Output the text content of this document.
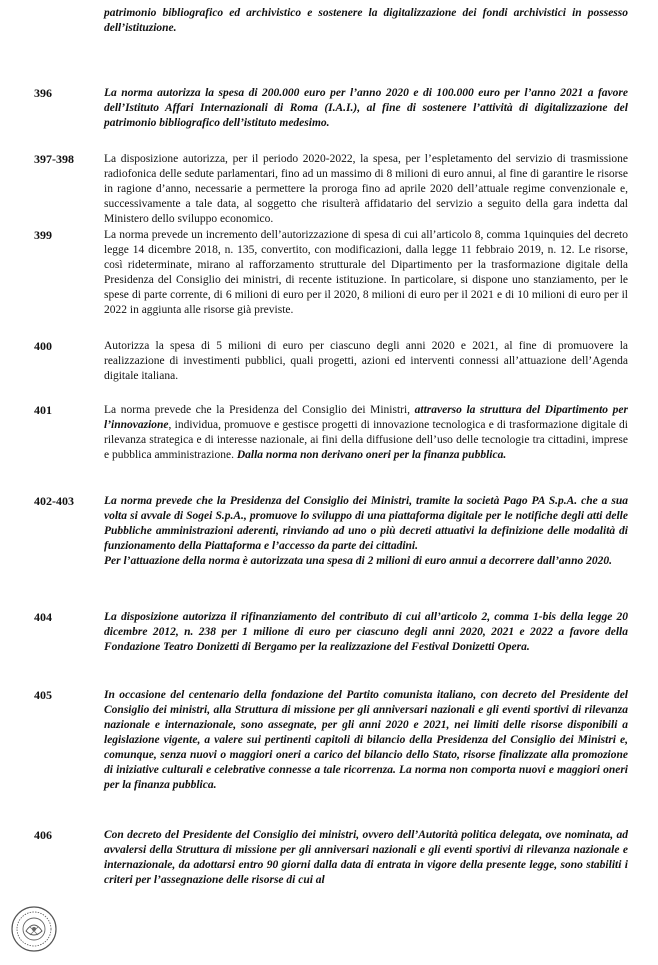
patrimonio bibliografico ed archivistico e sostenere la digitalizzazione dei fondi archivistici in possesso dell’istituzione.
396	La norma autorizza la spesa di 200.000 euro per l’anno 2020 e di 100.000 euro per l’anno 2021 a favore dell’Istituto Affari Internazionali di Roma (I.A.I.), al fine di sostenere l’attività di digitalizzazione del patrimonio bibliografico dell’istituto medesimo.
397-398	La disposizione autorizza, per il periodo 2020-2022, la spesa, per l’espletamento del servizio di trasmissione radiofonica delle sedute parlamentari, fino ad un massimo di 8 milioni di euro annui, al fine di garantire le risorse in ragione d’anno, necessarie a permettere la proroga fino ad aprile 2020 dell’attuale regime convenzionale e, successivamente a tale data, al soggetto che risulterà affidatario del servizio a seguito della gara indetta dal Ministero dello sviluppo economico.
399	La norma prevede un incremento dell’autorizzazione di spesa di cui all’articolo 8, comma 1quinquies del decreto legge 14 dicembre 2018, n. 135, convertito, con modificazioni, dalla legge 11 febbraio 2019, n. 12. Le risorse, così rideterminate, mirano al rafforzamento strutturale del Dipartimento per la trasformazione digitale della Presidenza del Consiglio dei ministri, di recente istituzione. In particolare, si dispone uno stanziamento, per le spese di parte corrente, di 6 milioni di euro per il 2020, 8 milioni di euro per il 2021 e di 10 milioni di euro per il 2022 in aggiunta alle risorse già previste.
400	Autorizza la spesa di 5 milioni di euro per ciascuno degli anni 2020 e 2021, al fine di promuovere la realizzazione di investimenti pubblici, quali progetti, azioni ed interventi connessi all’attuazione dell’Agenda digitale italiana.
401	La norma prevede che la Presidenza del Consiglio dei Ministri, attraverso la struttura del Dipartimento per l’innovazione, individua, promuove e gestisce progetti di innovazione tecnologica e di trasformazione digitale di rilevanza strategica e di interesse nazionale, ai fini della diffusione dell’uso delle tecnologie tra cittadini, imprese e pubblica amministrazione. Dalla norma non derivano oneri per la finanza pubblica.
402-403	La norma prevede che la Presidenza del Consiglio dei Ministri, tramite la società Pago PA S.p.A. che a sua volta si avvale di Sogei S.p.A., promuove lo sviluppo di una piattaforma digitale per le notifiche degli atti delle Pubbliche amministrazioni aderenti, rinviando ad uno o più decreti attuativi la definizione delle modalità di funzionamento della Piattaforma e l’accesso da parte dei cittadini.

Per l’attuazione della norma è autorizzata una spesa di 2 milioni di euro annui a decorrere dall’anno 2020.

404	La disposizione autorizza il rifinanziamento del contributo di cui all’articolo 2, comma 1-bis della legge 20 dicembre 2012, n. 238 per 1 milione di euro per ciascuno degli anni 2020, 2021 e 2022 a favore della Fondazione Teatro Donizetti di Bergamo per la realizzazione del Festival Donizetti Opera.
405	In occasione del centenario della fondazione del Partito comunista italiano, con decreto del Presidente del Consiglio dei ministri, alla Struttura di missione per gli anniversari nazionali e gli eventi sportivi di rilevanza nazionale e internazionale, sono assegnate, per gli anni 2020 e 2021, nei limiti delle risorse disponibili a legislazione vigente, a valere sui pertinenti capitoli di bilancio della Presidenza del Consiglio dei Ministri e, comunque, senza nuovi o maggiori oneri a carico del bilancio dello Stato, risorse finalizzate alla promozione di iniziative culturali e celebrative connesse a tale ricorrenza. La norma non comporta nuovi e maggiori oneri per la finanza pubblica.
406	Con decreto del Presidente del Consiglio dei ministri, ovvero dell’Autorità politica delegata, ove nominata, ad avvalersi della Struttura di missione per gli anniversari nazionali e gli eventi sportivi di rilevanza nazionale e internazionale, da adottarsi entro 90 giorni dalla data di entrata in vigore della presente legge, sono stabiliti i criteri per l’assegnazione delle risorse di cui al
